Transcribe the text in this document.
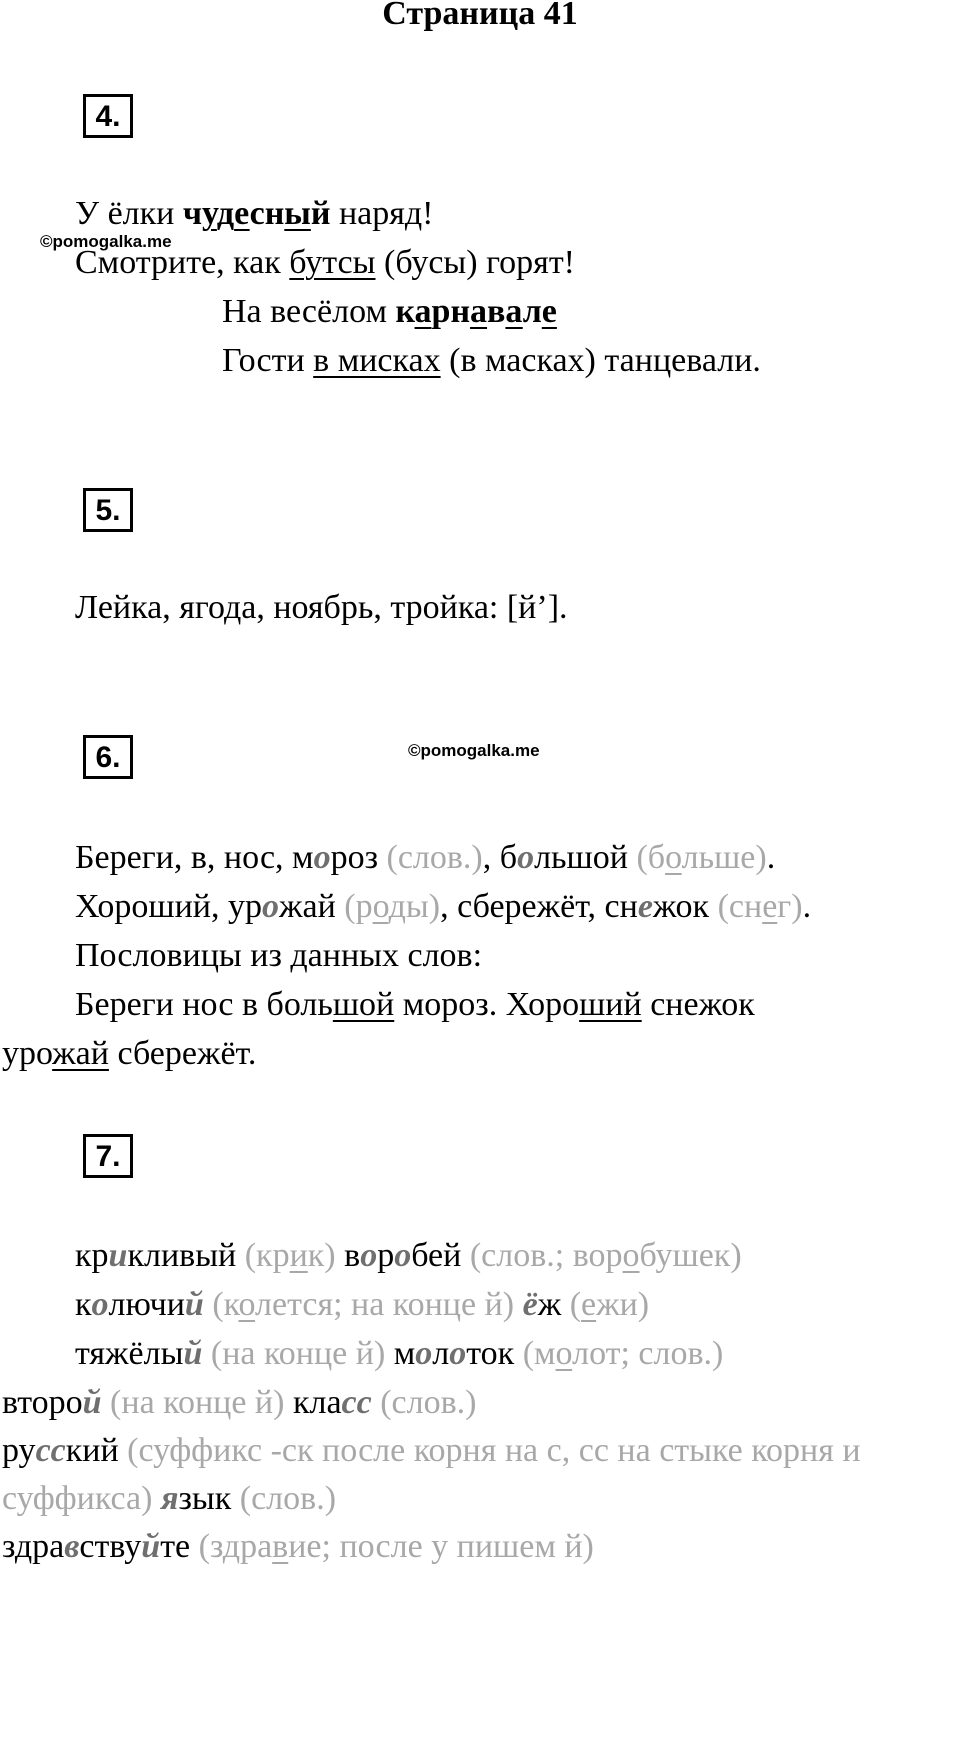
Страница 41
©pomogalka.me
©pomogalka.me
4.
У ёлки чудесный наряд!
Смотрите, как бутсы (бусы) горят!
На весёлом карнавале
Гости в мисках (в масках) танцевали.
5.
Лейка, ягода, ноябрь, тройка: [й’].
6.
Береги, в, нос, мороз (слов.), большой (больше).
Хороший, урожай (роды), сбережёт, снежок (снег).
Пословицы из данных слов:
Береги нос в большой мороз. Хороший снежок
урожай сбережёт.
7.
крикливый (крик) воробей (слов.; воробушек)
колючий (колется; на конце й) ёж (ежи)
тяжёлый (на конце й) молоток (молот; слов.)
второй (на конце й) класс (слов.)
русский (суффикс -ск после корня на с, сс на стыке корня и
суффикса) язык (слов.)
здравствуйте (здравие; после у пишем й)
